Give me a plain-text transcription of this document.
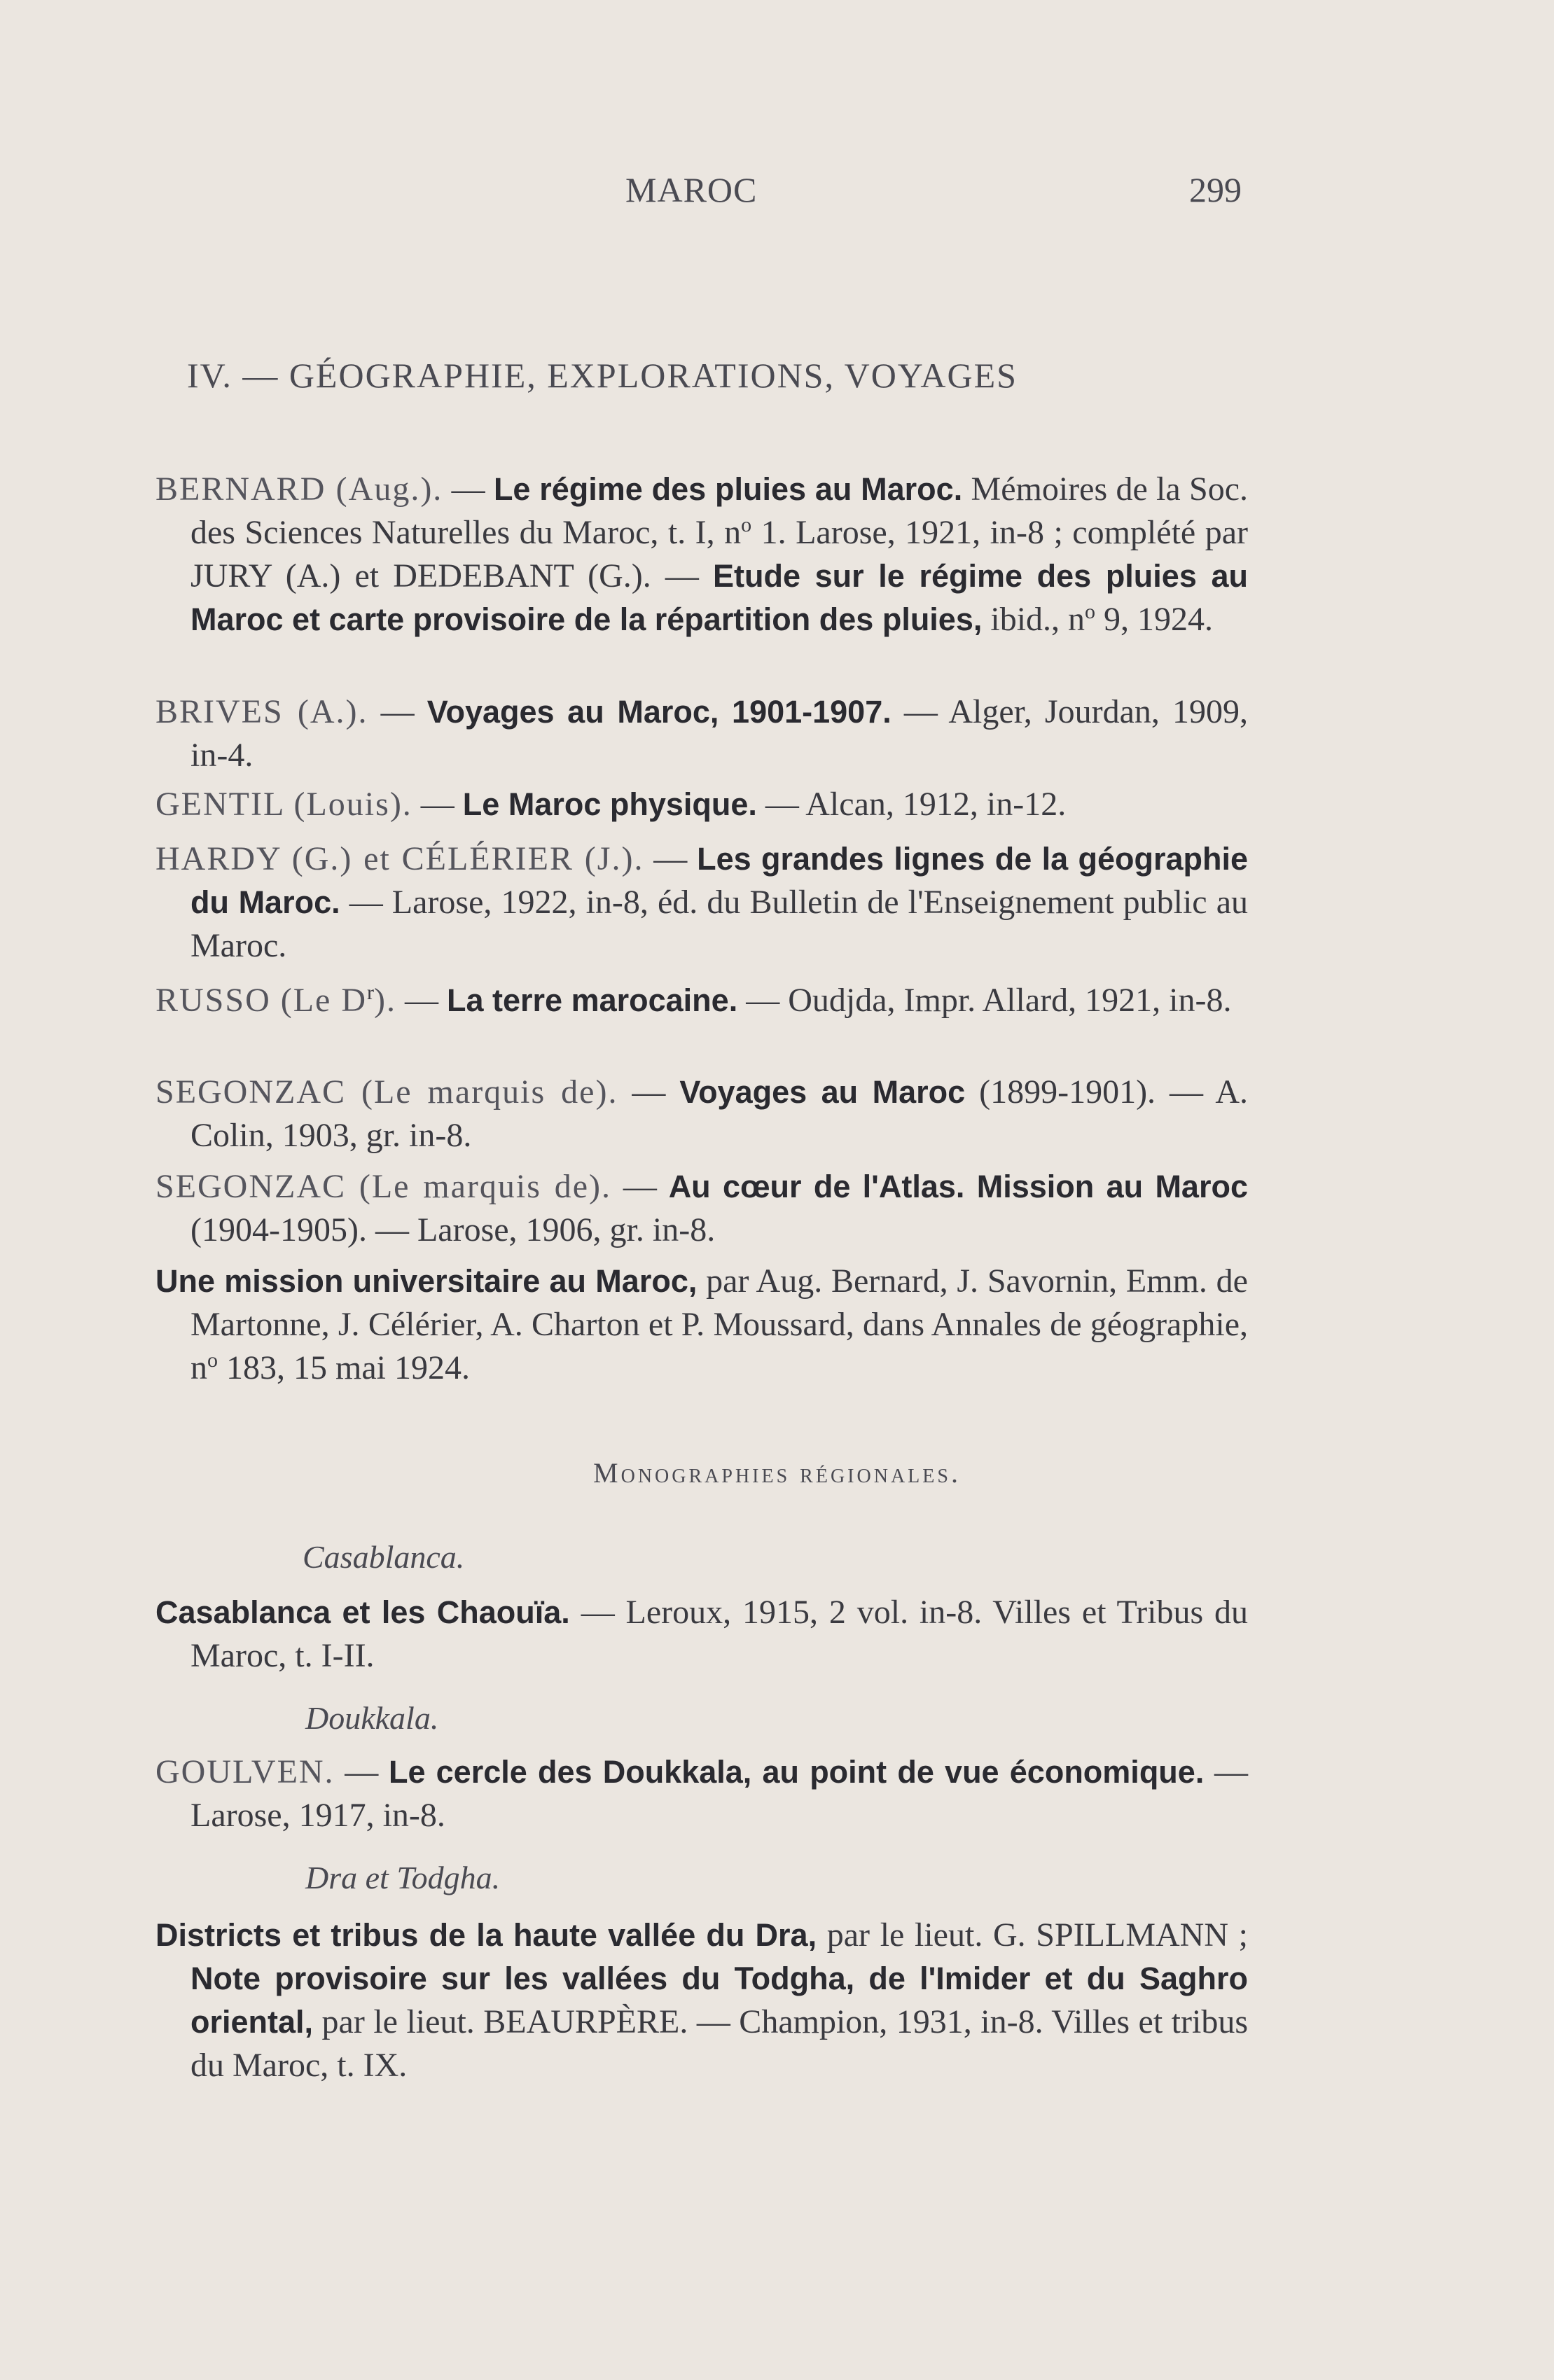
MAROC	299
IV. — GÉOGRAPHIE, EXPLORATIONS, VOYAGES
BERNARD (Aug.). — Le régime des pluies au Maroc. Mémoires de la Soc. des Sciences Naturelles du Maroc, t. I, $n^o$ 1. Larose, 1921, in-8 ; complété par JURY (A.) et DEDEBANT (G.). — Etude sur le régime des pluies au Maroc et carte provisoire de la répartition des pluies, ibid., $n^o$ 9, 1924.
BRIVES (A.). — Voyages au Maroc, 1901-1907. — Alger, Jourdan, 1909, in-4.
GENTIL (Louis). — Le Maroc physique. — Alcan, 1912, in-12.
HARDY (G.) et CÉLÉRIER (J.). — Les grandes lignes de la géographie du Maroc. — Larose, 1922, in-8, éd. du Bulletin de l'Enseignement public au Maroc.
RUSSO (Le $D^r$). — La terre marocaine. — Oudjda, Impr. Allard, 1921, in-8.
SEGONZAC (Le marquis de). — Voyages au Maroc (1899-1901). — A. Colin, 1903, gr. in-8.
SEGONZAC (Le marquis de). — Au cœur de l'Atlas. Mission au Maroc (1904-1905). — Larose, 1906, gr. in-8.
Une mission universitaire au Maroc, par Aug. Bernard, J. Savornin, Emm. de Martonne, J. Célérier, A. Charton et P. Moussard, dans Annales de géographie, $n^o$ 183, 15 mai 1924.
Monographies régionales.
Casablanca.
Casablanca et les Chaouïa. — Leroux, 1915, 2 vol. in-8. Villes et Tribus du Maroc, t. I-II.
Doukkala.
GOULVEN. — Le cercle des Doukkala, au point de vue économique. — Larose, 1917, in-8.
Dra et Todgha.
Districts et tribus de la haute vallée du Dra, par le lieut. G. SPILLMANN ; Note provisoire sur les vallées du Todgha, de l'Imider et du Saghro oriental, par le lieut. BEAURPÈRE. — Champion, 1931, in-8. Villes et tribus du Maroc, t. IX.
